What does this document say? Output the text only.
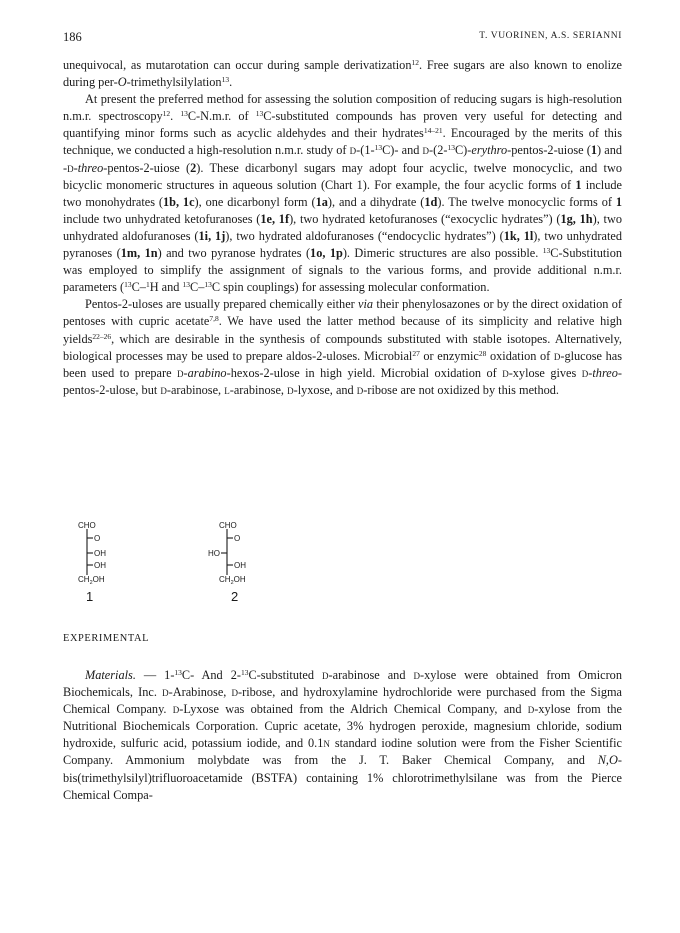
186	T. VUORINEN, A.S. SERIANNI

unequivocal, as mutarotation can occur during sample derivatization$^{12}$. Free sugars are also known to enolize during per-O-trimethylsilylation$^{13}$.

At present the preferred method for assessing the solution composition of reducing sugars is high-resolution n.m.r. spectroscopy$^{12}$. $^{13}$C-N.m.r. of $^{13}$C-substituted compounds has proven very useful for detecting and quantifying minor forms such as acyclic aldehydes and their hydrates$^{14-21}$. Encouraged by the merits of this technique, we conducted a high-resolution n.m.r. study of d-(1-$^{13}$C)- and d-(2-$^{13}$C)-erythro-pentos-2-uiose (1) and -d-threo-pentos-2-uiose (2). These dicarbonyl sugars may adopt four acyclic, twelve monocyclic, and two bicyclic monomeric structures in aqueous solution (Chart 1). For example, the four acyclic forms of 1 include two monohydrates (1b, 1c), one dicarbonyl form (1a), and a dihydrate (1d). The twelve monocyclic forms of 1 include two unhydrated ketofuranoses (1e, 1f), two hydrated ketofuranoses (“exocyclic hydrates”) (1g, 1h), two unhydrated aldofuranoses (1i, 1j), two hydrated aldofuranoses (“endocyclic hydrates”) (1k, 1l), two unhydrated pyranoses (1m, 1n) and two pyranose hydrates (1o, 1p). Dimeric structures are also possible. $^{13}$C-Substitution was employed to simplify the assignment of signals to the various forms, and provide additional n.m.r. parameters ($^{13}$C–$^1$H and $^{13}$C–$^{13}$C spin couplings) for assessing molecular conformation.

Pentos-2-uloses are usually prepared chemically either via their phenylosazones or by the direct oxidation of pentoses with cupric acetate$^{7,8}$. We have used the latter method because of its simplicity and relative high yields$^{22-26}$, which are desirable in the synthesis of compounds substituted with stable isotopes. Alternatively, biological processes may be used to prepare aldos-2-uloses. Microbial$^{27}$ or enzymic$^{28}$ oxidation of d-glucose has been used to prepare d-arabino-hexos-2-ulose in high yield. Microbial oxidation of d-xylose gives d-threo-pentos-2-ulose, but d-arabinose, l-arabinose, d-lyxose, and d-ribose are not oxidized by this method.

CHO
O
OH
OH
$CH_2OH$
1
CHO
O
HO
OH
$CH_2OH$
2
EXPERIMENTAL

Materials. — 1-$^{13}$C- And 2-$^{13}$C-substituted d-arabinose and d-xylose were obtained from Omicron Biochemicals, Inc. d-Arabinose, d-ribose, and hydroxylamine hydrochloride were purchased from the Sigma Chemical Company. d-Lyxose was obtained from the Aldrich Chemical Company, and d-xylose from the Nutritional Biochemicals Corporation. Cupric acetate, 3% hydrogen peroxide, magnesium chloride, sodium hydroxide, sulfuric acid, potassium iodide, and 0.1n standard iodine solution were from the Fisher Scientific Company. Ammonium molybdate was from the J. T. Baker Chemical Company, and N,O-bis(trimethylsilyl)trifluoroacetamide (BSTFA) containing 1% chlorotrimethylsilane was from the Pierce Chemical Compa-
